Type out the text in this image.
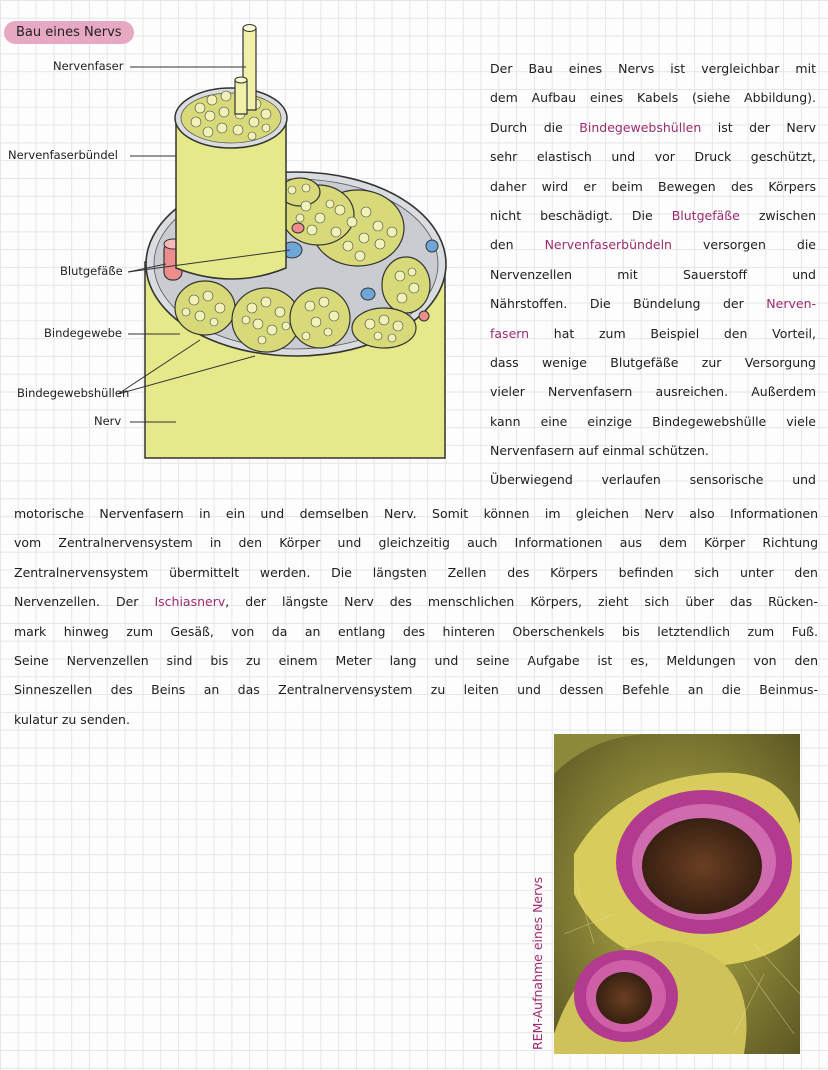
Bau eines Nervs
Nervenfaser
Nervenfaserbündel
Blutgefäße
Bindegewebe
Bindegewebshüllen
Nerv
Der Bau eines Nervs ist vergleichbar mit
dem Aufbau eines Kabels (siehe Abbildung).
Durch die Bindegewebshüllen ist der Nerv
sehr elastisch und vor Druck geschützt,
daher wird er beim Bewegen des Körpers
nicht beschädigt. Die Blutgefäße zwischen
den Nervenfaserbündeln versorgen die
Nervenzellen mit Sauerstoff und
Nährstoffen. Die Bündelung der Nerven-
fasern hat zum Beispiel den Vorteil,
dass wenige Blutgefäße zur Versorgung
vieler Nervenfasern ausreichen. Außerdem
kann eine einzige Bindegewebshülle viele
Nervenfasern auf einmal schützen.
Überwiegend verlaufen sensorische und
motorische Nervenfasern in ein und demselben Nerv. Somit können im gleichen Nerv also Informationen
vom Zentralnervensystem in den Körper und gleichzeitig auch Informationen aus dem Körper Richtung
Zentralnervensystem übermittelt werden. Die längsten Zellen des Körpers befinden sich unter den
Nervenzellen. Der Ischiasnerv, der längste Nerv des menschlichen Körpers, zieht sich über das Rücken-
mark hinweg zum Gesäß, von da an entlang des hinteren Oberschenkels bis letztendlich zum Fuß.
Seine Nervenzellen sind bis zu einem Meter lang und seine Aufgabe ist es, Meldungen von den
Sinneszellen des Beins an das Zentralnervensystem zu leiten und dessen Befehle an die Beinmus-
kulatur zu senden.
REM-Aufnahme eines Nervs
